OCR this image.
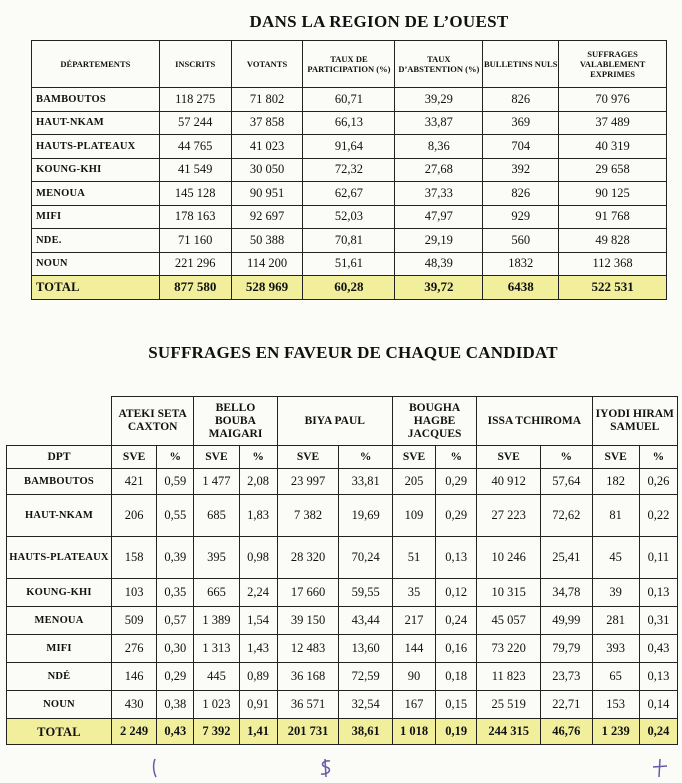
DANS LA REGION DE L’OUEST
DÉPARTEMENTS	INSCRITS	VOTANTS	TAUX DE PARTICIPATION (%)	TAUX D’ABSTENTION (%)	BULLETINS NULS	SUFFRAGES VALABLEMENT EXPRIMES
BAMBOUTOS	118 275	71 802	60,71	39,29	826	70 976
HAUT-NKAM	57 244	37 858	66,13	33,87	369	37 489
HAUTS-PLATEAUX	44 765	41 023	91,64	8,36	704	40 319
KOUNG-KHI	41 549	30 050	72,32	27,68	392	29 658
MENOUA	145 128	90 951	62,67	37,33	826	90 125
MIFI	178 163	92 697	52,03	47,97	929	91 768
NDE.	71 160	50 388	70,81	29,19	560	49 828
NOUN	221 296	114 200	51,61	48,39	1832	112 368
TOTAL	877 580	528 969	60,28	39,72	6438	522 531
SUFFRAGES EN FAVEUR DE CHAQUE CANDIDAT
	ATEKI SETA CAXTON		BELLO BOUBA MAIGARI		BIYA PAUL		BOUGHA HAGBE JACQUES		ISSA TCHIROMA		IYODI HIRAM SAMUEL	
DPT	SVE	%	SVE	%	SVE	%	SVE	%	SVE	%	SVE	%
BAMBOUTOS	421	0,59	1 477	2,08	23 997	33,81	205	0,29	40 912	57,64	182	0,26
HAUT-NKAM	206	0,55	685	1,83	7 382	19,69	109	0,29	27 223	72,62	81	0,22
HAUTS-PLATEAUX	158	0,39	395	0,98	28 320	70,24	51	0,13	10 246	25,41	45	0,11
KOUNG-KHI	103	0,35	665	2,24	17 660	59,55	35	0,12	10 315	34,78	39	0,13
MENOUA	509	0,57	1 389	1,54	39 150	43,44	217	0,24	45 057	49,99	281	0,31
MIFI	276	0,30	1 313	1,43	12 483	13,60	144	0,16	73 220	79,79	393	0,43
NDÉ	146	0,29	445	0,89	36 168	72,59	90	0,18	11 823	23,73	65	0,13
NOUN	430	0,38	1 023	0,91	36 571	32,54	167	0,15	25 519	22,71	153	0,14
TOTAL	2 249	0,43	7 392	1,41	201 731	38,61	1 018	0,19	244 315	46,76	1 239	0,24
